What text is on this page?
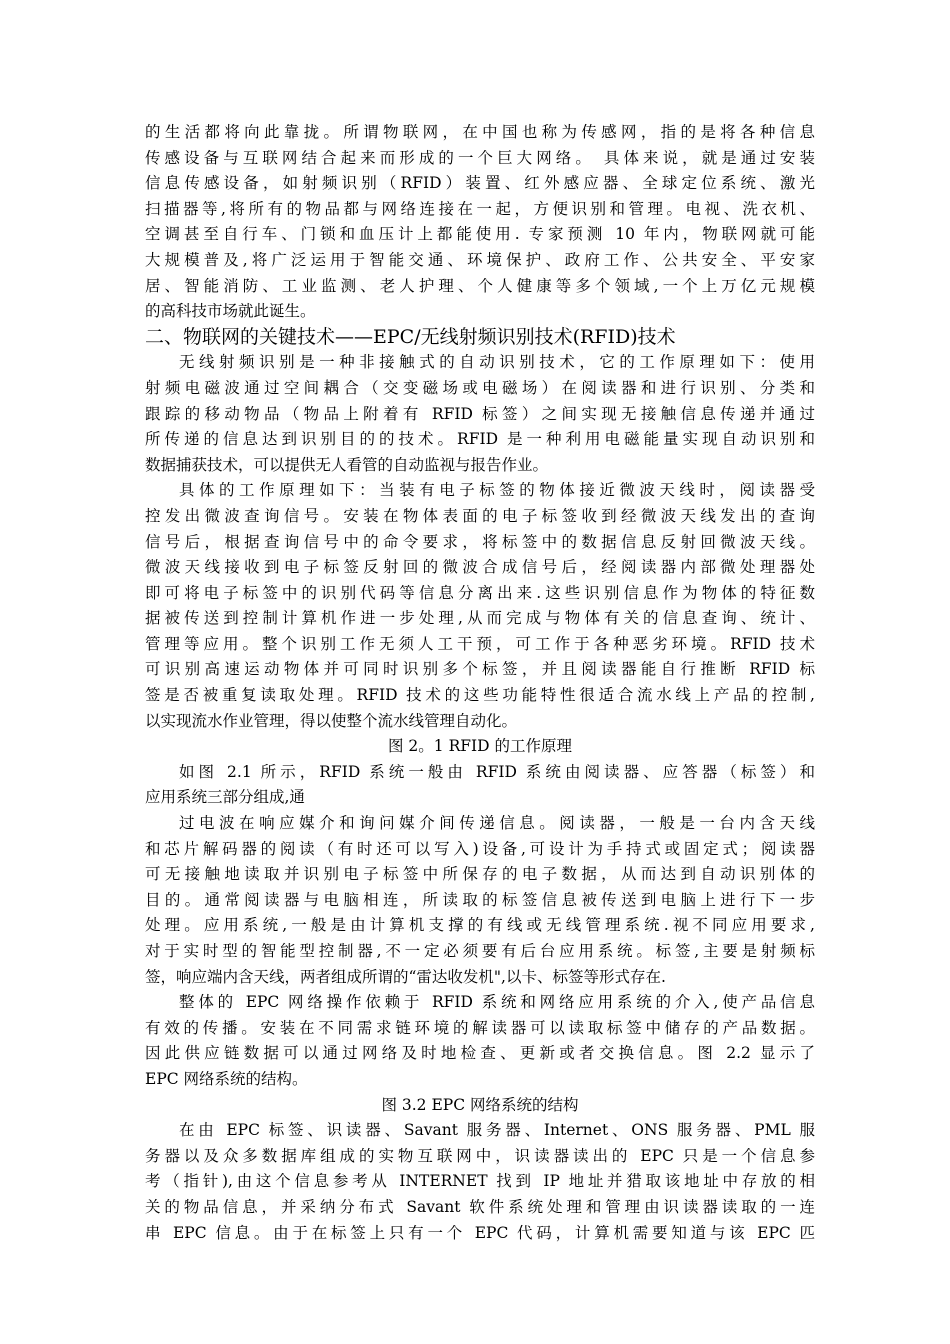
的生活都将向此靠拢。所谓物联网，在中国也称为传感网，指的是将各种信息
传感设备与互联网结合起来而形成的一个巨大网络。 具体来说，就是通过安装
信息传感设备，如射频识别（RFID）装置、红外感应器、全球定位系统、激光
扫描器等,将所有的物品都与网络连接在一起，方便识别和管理。电视、洗衣机、
空调甚至自行车、门锁和血压计上都能使用. 专家预测 10 年内，物联网就可能
大规模普及,将广泛运用于智能交通、环境保护、政府工作、公共安全、平安家
居、智能消防、工业监测、老人护理、个人健康等多个领域,一个上万亿元规模
的高科技市场就此诞生。
二、物联网的关键技术——EPC/无线射频识别技术(RFID)技术
无线射频识别是一种非接触式的自动识别技术，它的工作原理如下：使用
射频电磁波通过空间耦合（交变磁场或电磁场）在阅读器和进行识别、分类和
跟踪的移动物品（物品上附着有 RFID 标签）之间实现无接触信息传递并通过
所传递的信息达到识别目的的技术。RFID 是一种利用电磁能量实现自动识别和
数据捕获技术，可以提供无人看管的自动监视与报告作业。
具体的工作原理如下：当装有电子标签的物体接近微波天线时，阅读器受
控发出微波查询信号。安装在物体表面的电子标签收到经微波天线发出的查询
信号后，根据查询信号中的命令要求，将标签中的数据信息反射回微波天线。
微波天线接收到电子标签反射回的微波合成信号后，经阅读器内部微处理器处
即可将电子标签中的识别代码等信息分离出来.这些识别信息作为物体的特征数
据被传送到控制计算机作进一步处理,从而完成与物体有关的信息查询、统计、
管理等应用。整个识别工作无须人工干预，可工作于各种恶劣环境。RFID 技术
可识别高速运动物体并可同时识别多个标签，并且阅读器能自行推断 RFID 标
签是否被重复读取处理。RFID 技术的这些功能特性很适合流水线上产品的控制,
以实现流水作业管理，得以使整个流水线管理自动化。
图 2。1 RFID 的工作原理
如图 2.1 所示，RFID 系统一般由 RFID 系统由阅读器、应答器（标签）和
应用系统三部分组成,通
过电波在响应媒介和询问媒介间传递信息。阅读器，一般是一台内含天线
和芯片解码器的阅读（有时还可以写入)设备,可设计为手持式或固定式；阅读器
可无接触地读取并识别电子标签中所保存的电子数据，从而达到自动识别体的
目的。通常阅读器与电脑相连，所读取的标签信息被传送到电脑上进行下一步
处理。应用系统,一般是由计算机支撑的有线或无线管理系统.视不同应用要求,
对于实时型的智能型控制器,不一定必须要有后台应用系统。标签,主要是射频标
签，响应端内含天线，两者组成所谓的“雷达收发机",以卡、标签等形式存在.
整体的 EPC 网络操作依赖于 RFID 系统和网络应用系统的介入,使产品信息
有效的传播。安装在不同需求链环境的解读器可以读取标签中储存的产品数据。
因此供应链数据可以通过网络及时地检查、更新或者交换信息。图 2.2 显示了
EPC 网络系统的结构。
图 3.2 EPC 网络系统的结构
在由 EPC 标签、识读器、Savant 服务器、Internet、ONS 服务器、PML 服
务器以及众多数据库组成的实物互联网中，识读器读出的 EPC 只是一个信息参
考（指针),由这个信息参考从 INTERNET 找到 IP 地址并猎取该地址中存放的相
关的物品信息，并采纳分布式 Savant 软件系统处理和管理由识读器读取的一连
串 EPC 信息。由于在标签上只有一个 EPC 代码，计算机需要知道与该 EPC 匹
